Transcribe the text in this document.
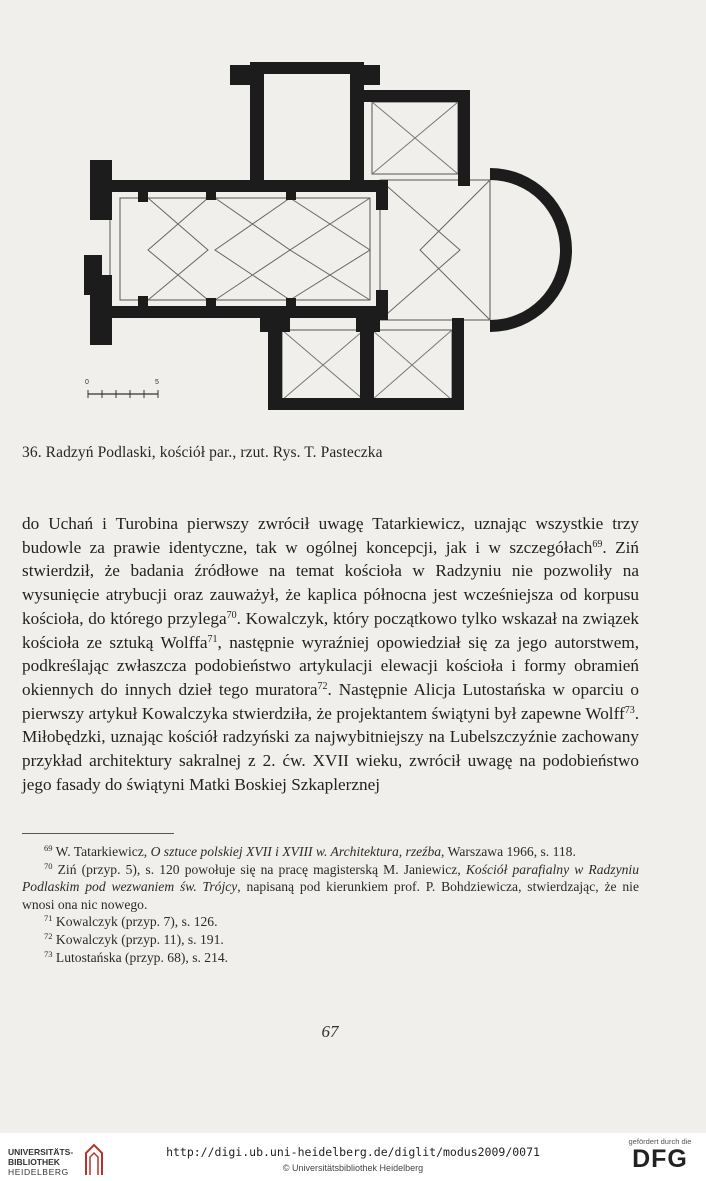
0	5
36. Radzyń Podlaski, kościół par., rzut. Rys. T. Pasteczka

do Uchań i Turobina pierwszy zwrócił uwagę Tatarkiewicz, uznając wszystkie trzy budowle za prawie identyczne, tak w ogólnej koncepcji, jak i w szczegółach$^{69}$. Ziń stwierdził, że badania źródłowe na temat kościoła w Radzyniu nie pozwoliły na wysunięcie atrybucji oraz zauważył, że kaplica północna jest wcześniejsza od korpusu kościoła, do którego przylega$^{70}$. Kowalczyk, który początkowo tylko wskazał na związek kościoła ze sztuką Wolffa$^{71}$, następnie wyraźniej opowiedział się za jego autorstwem, podkreślając zwłaszcza podobieństwo artykulacji elewacji kościoła i formy obramień okiennych do innych dzieł tego muratora$^{72}$. Następnie Alicja Lutostańska w oparciu o pierwszy artykuł Kowalczyka stwierdziła, że projektantem świątyni był zapewne Wolff$^{73}$. Miłobędzki, uznając kościół radzyński za najwybitniejszy na Lubelszczyźnie zachowany przykład architektury sakralnej z 2. ćw. XVII wieku, zwrócił uwagę na podobieństwo jego fasady do świątyni Matki Boskiej Szkaplerznej

$^{69}$ W. Tatarkiewicz, O sztuce polskiej XVII i XVIII w. Architektura, rzeźba, Warszawa 1966, s. 118.

$^{70}$ Ziń (przyp. 5), s. 120 powołuje się na pracę magisterską M. Janiewicz, Kościół parafialny w Radzyniu Podlaskim pod wezwaniem św. Trójcy, napisaną pod kierunkiem prof. P. Bohdziewicza, stwierdzając, że nie wnosi ona nic nowego.

$^{71}$ Kowalczyk (przyp. 7), s. 126.

$^{72}$ Kowalczyk (przyp. 11), s. 191.

$^{73}$ Lutostańska (przyp. 68), s. 214.

67
UNIVERSITÄTS-
BIBLIOTHEK
HEIDELBERG
http://digi.ub.uni-heidelberg.de/diglit/modus2009/0071
© Universitätsbibliothek Heidelberg
gefördert durch die
DFG
